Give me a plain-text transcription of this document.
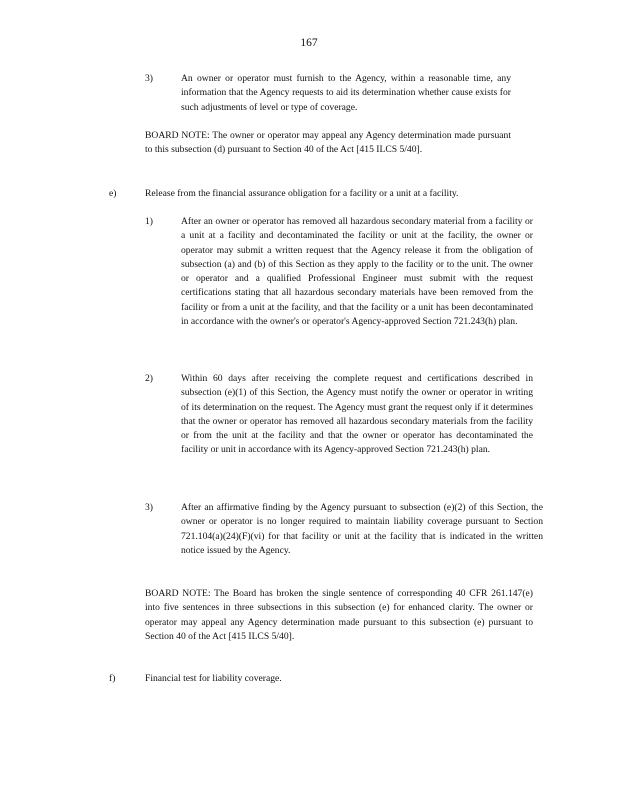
167
3)	An owner or operator must furnish to the Agency, within a reasonable time, any information that the Agency requests to aid its determination whether cause exists for such adjustments of level or type of coverage.
BOARD NOTE: The owner or operator may appeal any Agency determination made pursuant to this subsection (d) pursuant to Section 40 of the Act [415 ILCS 5/40].
e)	Release from the financial assurance obligation for a facility or a unit at a facility.
1)	After an owner or operator has removed all hazardous secondary material from a facility or a unit at a facility and decontaminated the facility or unit at the facility, the owner or operator may submit a written request that the Agency release it from the obligation of subsection (a) and (b) of this Section as they apply to the facility or to the unit. The owner or operator and a qualified Professional Engineer must submit with the request certifications stating that all hazardous secondary materials have been removed from the facility or from a unit at the facility, and that the facility or a unit has been decontaminated in accordance with the owner's or operator's Agency-approved Section 721.243(h) plan.
2)	Within 60 days after receiving the complete request and certifications described in subsection (e)(1) of this Section, the Agency must notify the owner or operator in writing of its determination on the request. The Agency must grant the request only if it determines that the owner or operator has removed all hazardous secondary materials from the facility or from the unit at the facility and that the owner or operator has decontaminated the facility or unit in accordance with its Agency-approved Section 721.243(h) plan.
3)	After an affirmative finding by the Agency pursuant to subsection (e)(2) of this Section, the owner or operator is no longer required to maintain liability coverage pursuant to Section 721.104(a)(24)(F)(vi) for that facility or unit at the facility that is indicated in the written notice issued by the Agency.
BOARD NOTE: The Board has broken the single sentence of corresponding 40 CFR 261.147(e) into five sentences in three subsections in this subsection (e) for enhanced clarity. The owner or operator may appeal any Agency determination made pursuant to this subsection (e) pursuant to Section 40 of the Act [415 ILCS 5/40].
f)	Financial test for liability coverage.
